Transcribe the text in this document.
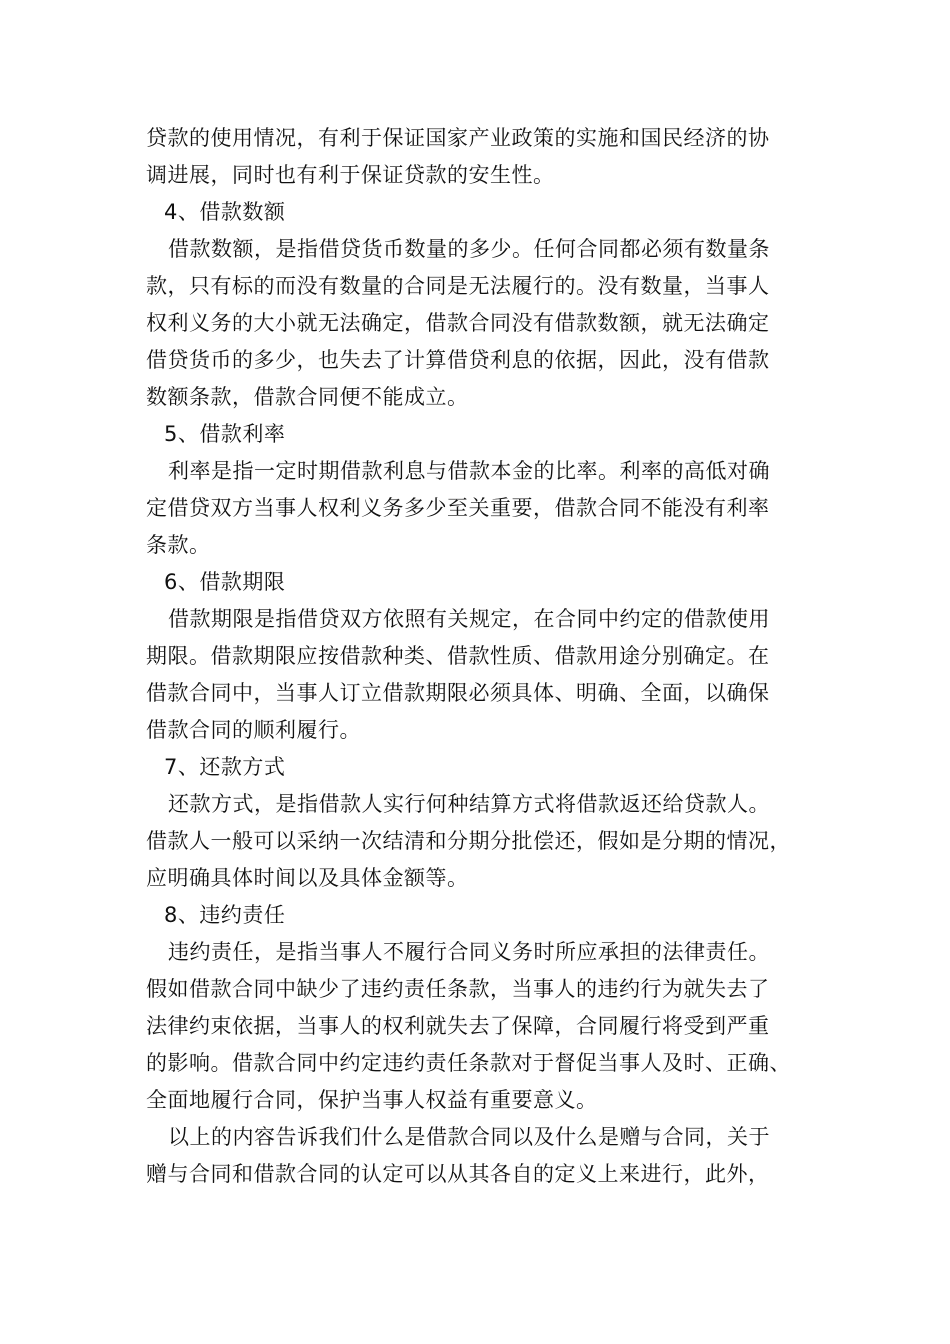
贷款的使用情况，有利于保证国家产业政策的实施和国民经济的协
调进展，同时也有利于保证贷款的安生性。
4、借款数额
借款数额，是指借贷货币数量的多少。任何合同都必须有数量条
款，只有标的而没有数量的合同是无法履行的。没有数量，当事人
权利义务的大小就无法确定，借款合同没有借款数额，就无法确定
借贷货币的多少，也失去了计算借贷利息的依据，因此，没有借款
数额条款，借款合同便不能成立。
5、借款利率
利率是指一定时期借款利息与借款本金的比率。利率的高低对确
定借贷双方当事人权利义务多少至关重要，借款合同不能没有利率
条款。
6、借款期限
借款期限是指借贷双方依照有关规定，在合同中约定的借款使用
期限。借款期限应按借款种类、借款性质、借款用途分别确定。在
借款合同中，当事人订立借款期限必须具体、明确、全面，以确保
借款合同的顺利履行。
7、还款方式
还款方式，是指借款人实行何种结算方式将借款返还给贷款人。
借款人一般可以采纳一次结清和分期分批偿还，假如是分期的情况，
应明确具体时间以及具体金额等。
8、违约责任
违约责任，是指当事人不履行合同义务时所应承担的法律责任。
假如借款合同中缺少了违约责任条款，当事人的违约行为就失去了
法律约束依据，当事人的权利就失去了保障，合同履行将受到严重
的影响。借款合同中约定违约责任条款对于督促当事人及时、正确、
全面地履行合同，保护当事人权益有重要意义。
以上的内容告诉我们什么是借款合同以及什么是赠与合同，关于
赠与合同和借款合同的认定可以从其各自的定义上来进行，此外，
